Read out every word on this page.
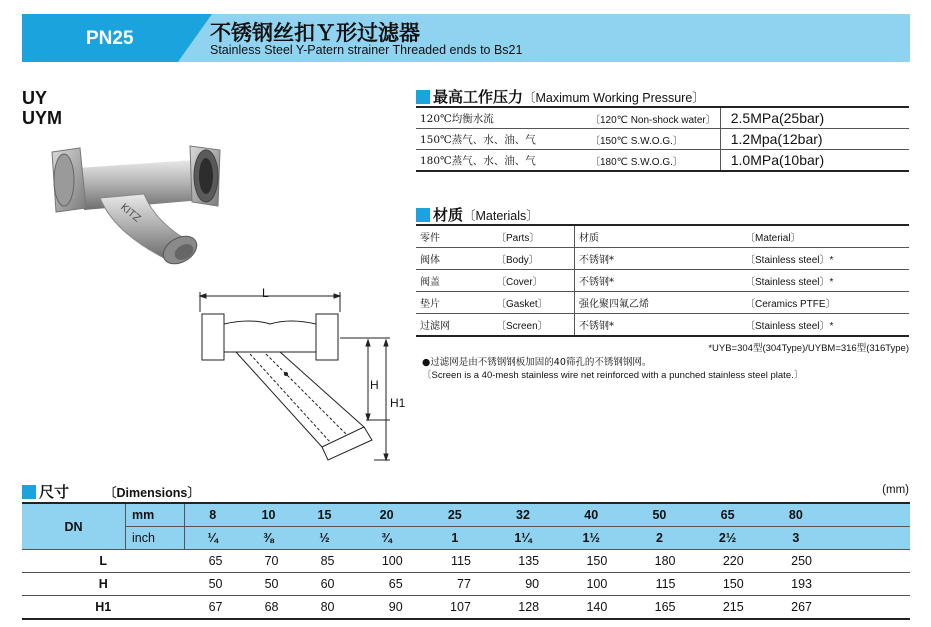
PN25	不锈钢丝扣Ｙ形过滤器
Stainless Steel Y-Patern strainer Threaded ends to Bs21
UY
UYM
KITZ
L
H
H1
最高工作压力〔Maximum Working Pressure〕
120℃均衡水流	〔120℃ Non-shock water〕	2.5MPa(25bar)
150℃蒸气、水、油、气	〔150℃ S.W.O.G.〕	1.2Mpa(12bar)
180℃蒸气、水、油、气	〔180℃ S.W.O.G.〕	1.0MPa(10bar)
材质〔Materials〕
零件	〔Parts〕	材质	〔Material〕
阀体	〔Body〕	不锈钢*	〔Stainless steel〕*
阀盖	〔Cover〕	不锈钢*	〔Stainless steel〕*
垫片	〔Gasket〕	强化聚四氟乙烯	〔Ceramics PTFE〕
过滤网	〔Screen〕	不锈钢*	〔Stainless steel〕*
*UYB=304型(304Type)/UYBM=316型(316Type)
●过滤网是由不锈钢钢板加固的40筛孔的不锈钢钢网。
〔Screen is a 40-mesh stainless wire net reinforced with a punched stainless steel plate.〕
尺寸	〔Dimensions〕	(mm)
DN	mm	8	10	15	20	25	32	40	50	65	80	
	inch	¼	⅜	½	¾	1	1¼	1½	2	2½	3	
L		65	70	85	100	115	135	150	180	220	250	
H		50	50	60	65	77	90	100	115	150	193	
H1		67	68	80	90	107	128	140	165	215	267	
